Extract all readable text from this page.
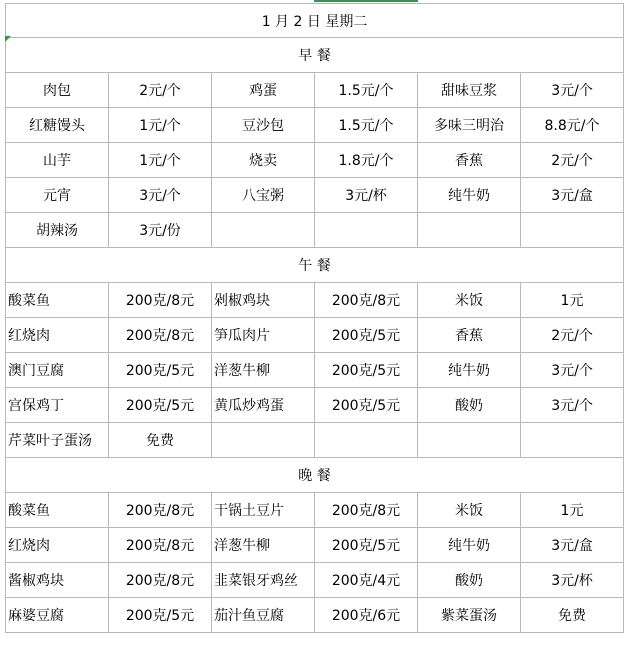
1 月 2 日 星期二					
早 餐					
肉包	2元/个	鸡蛋	1.5元/个	甜味豆浆	3元/个
红糖馒头	1元/个	豆沙包	1.5元/个	多味三明治	8.8元/个
山芋	1元/个	烧卖	1.8元/个	香蕉	2元/个
元宵	3元/个	八宝粥	3元/杯	纯牛奶	3元/盒
胡辣汤	3元/份				
午 餐					
酸菜鱼	200克/8元	剁椒鸡块	200克/8元	米饭	1元
红烧肉	200克/8元	笋瓜肉片	200克/5元	香蕉	2元/个
澳门豆腐	200克/5元	洋葱牛柳	200克/5元	纯牛奶	3元/个
宫保鸡丁	200克/5元	黄瓜炒鸡蛋	200克/5元	酸奶	3元/个
芹菜叶子蛋汤	免费				
晚 餐					
酸菜鱼	200克/8元	干锅土豆片	200克/8元	米饭	1元
红烧肉	200克/8元	洋葱牛柳	200克/5元	纯牛奶	3元/盒
酱椒鸡块	200克/8元	韭菜银牙鸡丝	200克/4元	酸奶	3元/杯
麻婆豆腐	200克/5元	茄汁鱼豆腐	200克/6元	紫菜蛋汤	免费
